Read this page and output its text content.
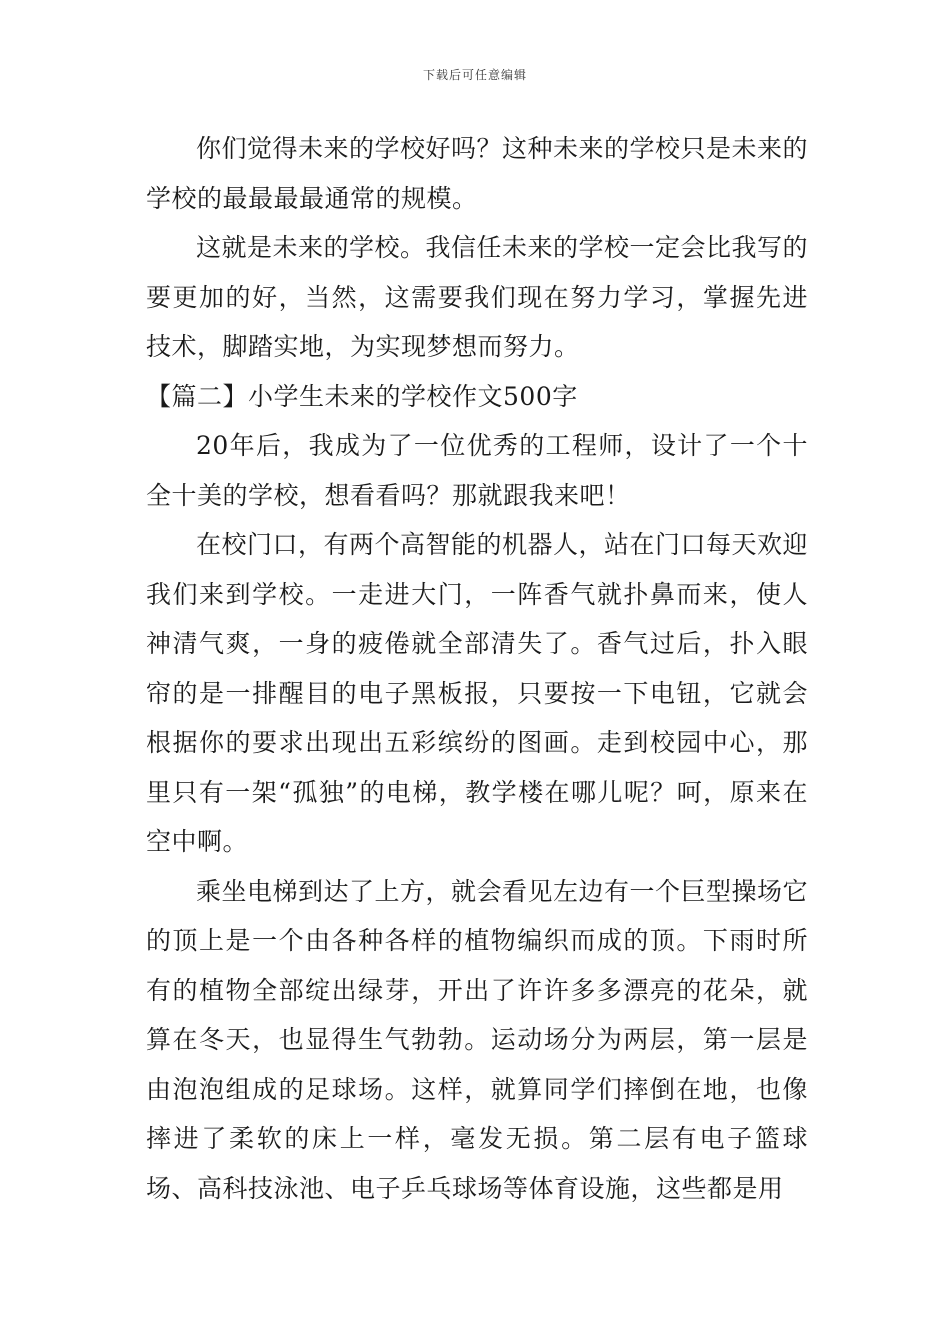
下载后可任意编辑

你们觉得未来的学校好吗？这种未来的学校只是未来的学校的最最最最通常的规模。

这就是未来的学校。我信任未来的学校一定会比我写的要更加的好，当然，这需要我们现在努力学习，掌握先进技术，脚踏实地，为实现梦想而努力。

【篇二】小学生未来的学校作文500字

20年后，我成为了一位优秀的工程师，设计了一个十全十美的学校，想看看吗？那就跟我来吧！

在校门口，有两个高智能的机器人，站在门口每天欢迎我们来到学校。一走进大门，一阵香气就扑鼻而来，使人神清气爽，一身的疲倦就全部清失了。香气过后，扑入眼帘的是一排醒目的电子黑板报，只要按一下电钮，它就会根据你的要求出现出五彩缤纷的图画。走到校园中心，那里只有一架“孤独”的电梯，教学楼在哪儿呢？呵，原来在空中啊。

乘坐电梯到达了上方，就会看见左边有一个巨型操场它的顶上是一个由各种各样的植物编织而成的顶。下雨时所有的植物全部绽出绿芽，开出了许许多多漂亮的花朵，就算在冬天，也显得生气勃勃。运动场分为两层，第一层是由泡泡组成的足球场。这样，就算同学们摔倒在地，也像摔进了柔软的床上一样，毫发无损。第二层有电子篮球场、高科技泳池、电子乒乓球场等体育设施，这些都是用
